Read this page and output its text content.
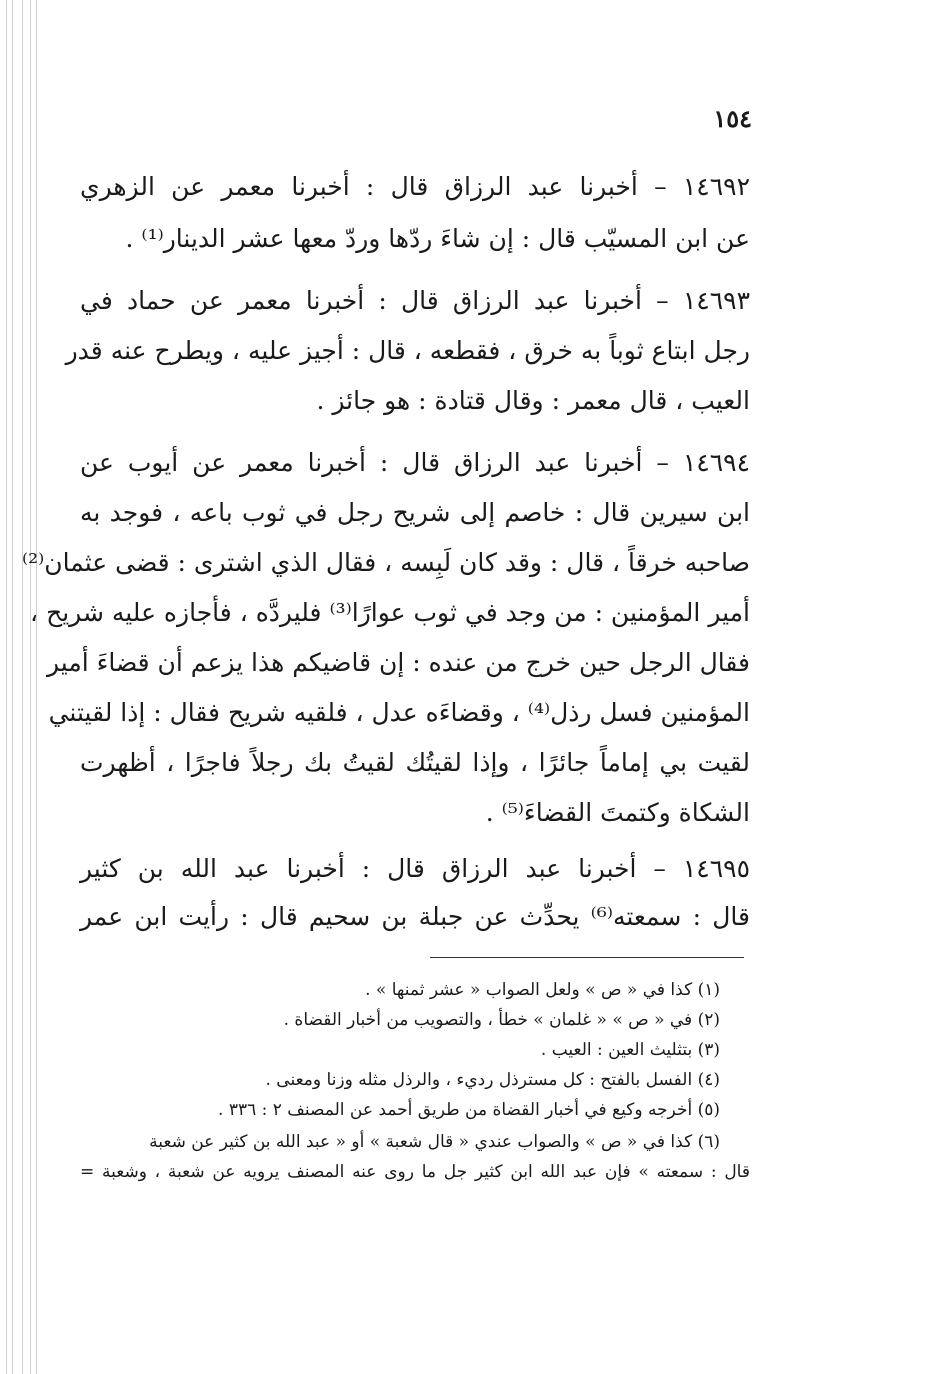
١٥٤
١٤٦٩٢ – أخبرنا عبد الرزاق قال : أخبرنا معمر عن الزهري
عن ابن المسيّب قال : إن شاءَ ردّها وردّ معها عشر الدينار⁽¹⁾ .
١٤٦٩٣ – أخبرنا عبد الرزاق قال : أخبرنا معمر عن حماد في
رجل ابتاع ثوباً به خرق ، فقطعه ، قال : أجيز عليه ، ويطرح عنه قدر
العيب ، قال معمر : وقال قتادة : هو جائز .
١٤٦٩٤ – أخبرنا عبد الرزاق قال : أخبرنا معمر عن أيوب عن
ابن سيرين قال : خاصم إلى شريح رجل في ثوب باعه ، فوجد به
صاحبه خرقاً ، قال : وقد كان لَبِسه ، فقال الذي اشترى : قضى عثمان⁽²⁾
أمير المؤمنين : من وجد في ثوب عوارًا⁽³⁾ فليردَّه ، فأجازه عليه شريح ،
فقال الرجل حين خرج من عنده : إن قاضيكم هذا يزعم أن قضاءَ أمير
المؤمنين فسل رذل⁽⁴⁾ ، وقضاءَه عدل ، فلقيه شريح فقال : إذا لقيتني
لقيت بي إماماً جائرًا ، وإذا لقيتُك لقيتُ بك رجلاً فاجرًا ، أظهرت
الشكاة وكتمتَ القضاءَ⁽⁵⁾ .
١٤٦٩٥ – أخبرنا عبد الرزاق قال : أخبرنا عبد الله بن كثير
قال : سمعته⁽⁶⁾ يحدِّث عن جبلة بن سحيم قال : رأيت ابن عمر
(١) كذا في « ص » ولعل الصواب « عشر ثمنها » .
(٢) في « ص » « غلمان » خطأ ، والتصويب من أخبار القضاة .
(٣) بتثليث العين : العيب .
(٤) الفسل بالفتح : كل مسترذل رديء ، والرذل مثله وزنا ومعنى .
(٥) أخرجه وكيع في أخبار القضاة من طريق أحمد عن المصنف ٢ : ٣٣٦ .
(٦) كذا في « ص » والصواب عندي « قال شعبة » أو « عبد الله بن كثير عن شعبة
قال : سمعته » فإن عبد الله ابن كثير جل ما روى عنه المصنف يرويه عن شعبة ، وشعبة =
